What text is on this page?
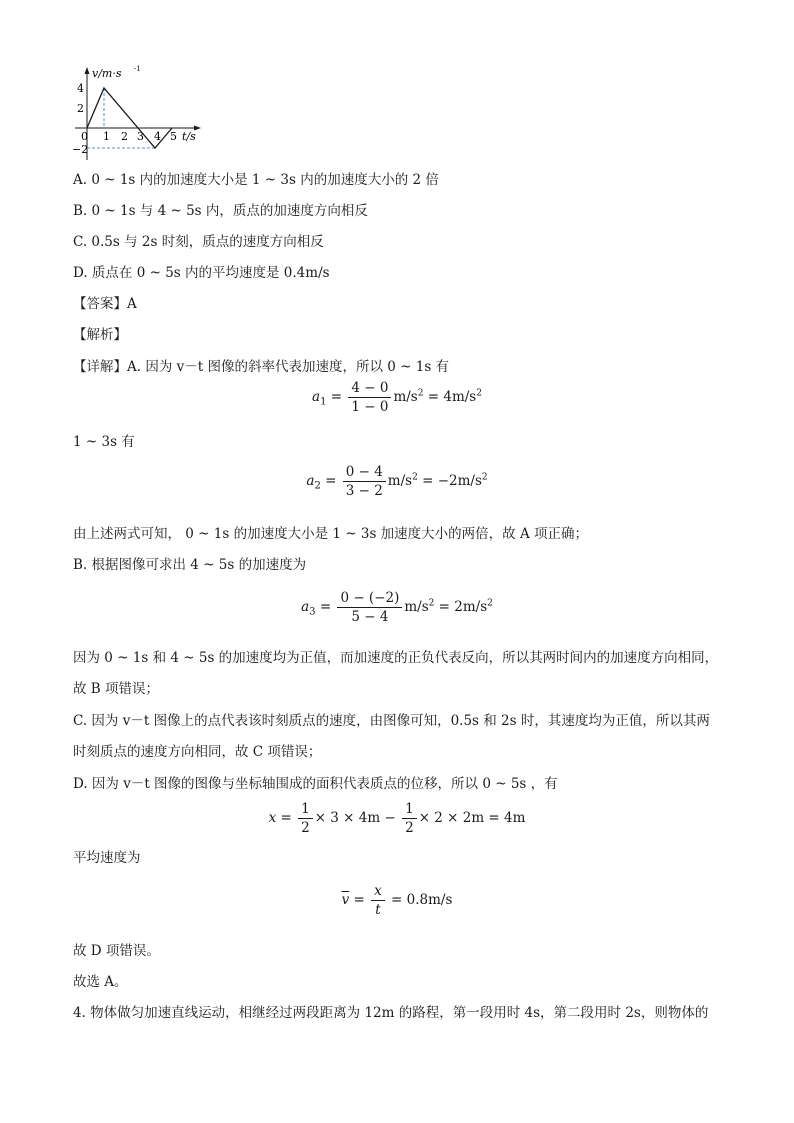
v/m·s -1
t/s
4
2
−2
0 1 2 3 4 5
A. 0 ~ 1s 内的加速度大小是 1 ~ 3s 内的加速度大小的 2 倍
B. 0 ~ 1s 与 4 ~ 5s 内，质点的加速度方向相反
C. 0.5s 与 2s 时刻，质点的速度方向相反
D. 质点在 0 ~ 5s 内的平均速度是 0.4m/s
【答案】A
【解析】
【详解】A. 因为 v－t 图像的斜率代表加速度，所以 0 ~ 1s 有
$a_1 = \frac{4 - 0}{1 - 0} m/s^2 = 4m/s^2$
1 ~ 3s 有
$a_2 = \frac{0 - 4}{3 - 2} m/s^2 = -2m/s^2$
由上述两式可知， 0 ~ 1s 的加速度大小是 1 ~ 3s 加速度大小的两倍，故 A 项正确；
B. 根据图像可求出 4 ~ 5s 的加速度为
$a_3 = \frac{0 - (-2)}{5 - 4} m/s^2 = 2m/s^2$
因为 0 ~ 1s 和 4 ~ 5s 的加速度均为正值，而加速度的正负代表反向，所以其两时间内的加速度方向相同，
故 B 项错误；
C. 因为 v－t 图像上的点代表该时刻质点的速度，由图像可知，0.5s 和 2s 时，其速度均为正值，所以其两
时刻质点的速度方向相同，故 C 项错误；
D. 因为 v－t 图像的图像与坐标轴围成的面积代表质点的位移，所以 0 ~ 5s ，有
$x = \frac{1}{2} \times 3 \times 4m - \frac{1}{2} \times 2 \times 2m = 4m$
平均速度为
$\overline{v} = \frac{x}{t} = 0.8m/s$
故 D 项错误。
故选 A。
4. 物体做匀加速直线运动，相继经过两段距离为 12m 的路程，第一段用时 4s，第二段用时 2s，则物体的
